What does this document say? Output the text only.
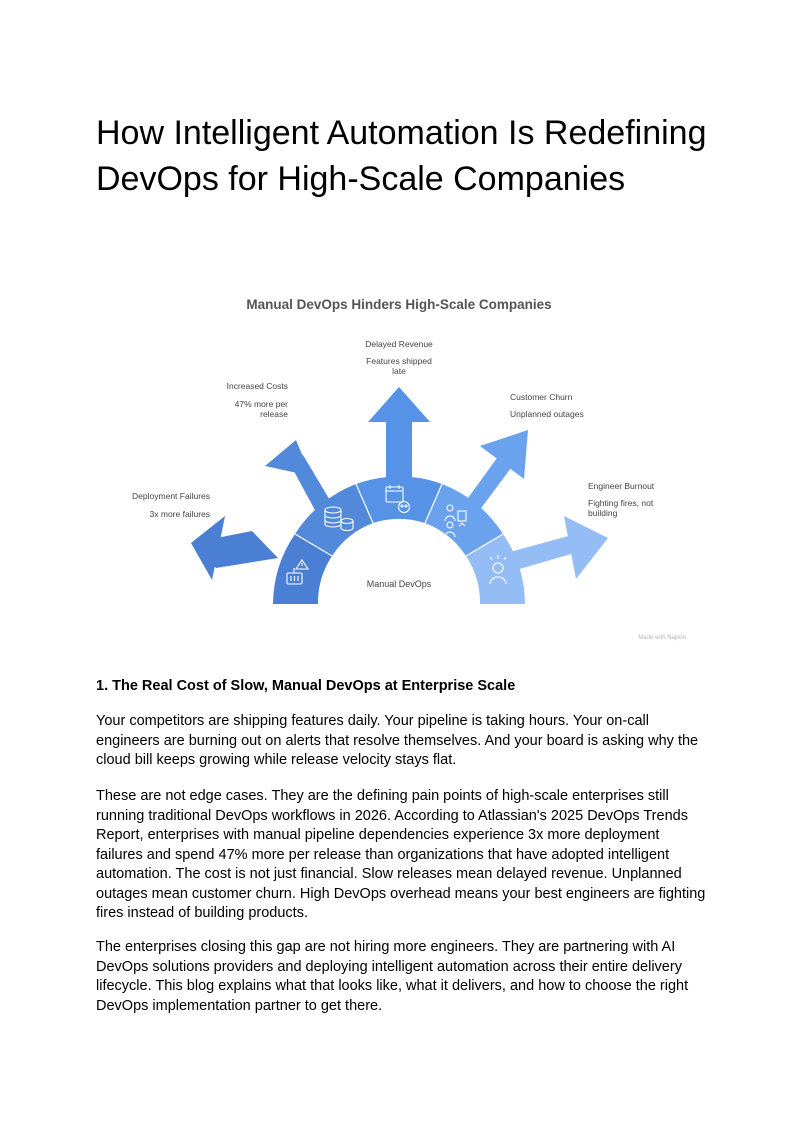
How Intelligent Automation Is Redefining DevOps for High-Scale Companies
Manual DevOps Hinders High-Scale Companies
Manual DevOps
Deployment Failures
3x more failures
Increased Costs
47% more per
release
Delayed Revenue
Features shipped
late
Customer Churn
Unplanned outages
Engineer Burnout
Fighting fires, not
building
Made with Napkin
1. The Real Cost of Slow, Manual DevOps at Enterprise Scale

Your competitors are shipping features daily. Your pipeline is taking hours. Your on-call engineers are burning out on alerts that resolve themselves. And your board is asking why the cloud bill keeps growing while release velocity stays flat.

These are not edge cases. They are the defining pain points of high-scale enterprises still running traditional DevOps workflows in 2026. According to Atlassian's 2025 DevOps Trends Report, enterprises with manual pipeline dependencies experience 3x more deployment failures and spend 47% more per release than organizations that have adopted intelligent automation. The cost is not just financial. Slow releases mean delayed revenue. Unplanned outages mean customer churn. High DevOps overhead means your best engineers are fighting fires instead of building products.

The enterprises closing this gap are not hiring more engineers. They are partnering with AI DevOps solutions providers and deploying intelligent automation across their entire delivery lifecycle. This blog explains what that looks like, what it delivers, and how to choose the right DevOps implementation partner to get there.
